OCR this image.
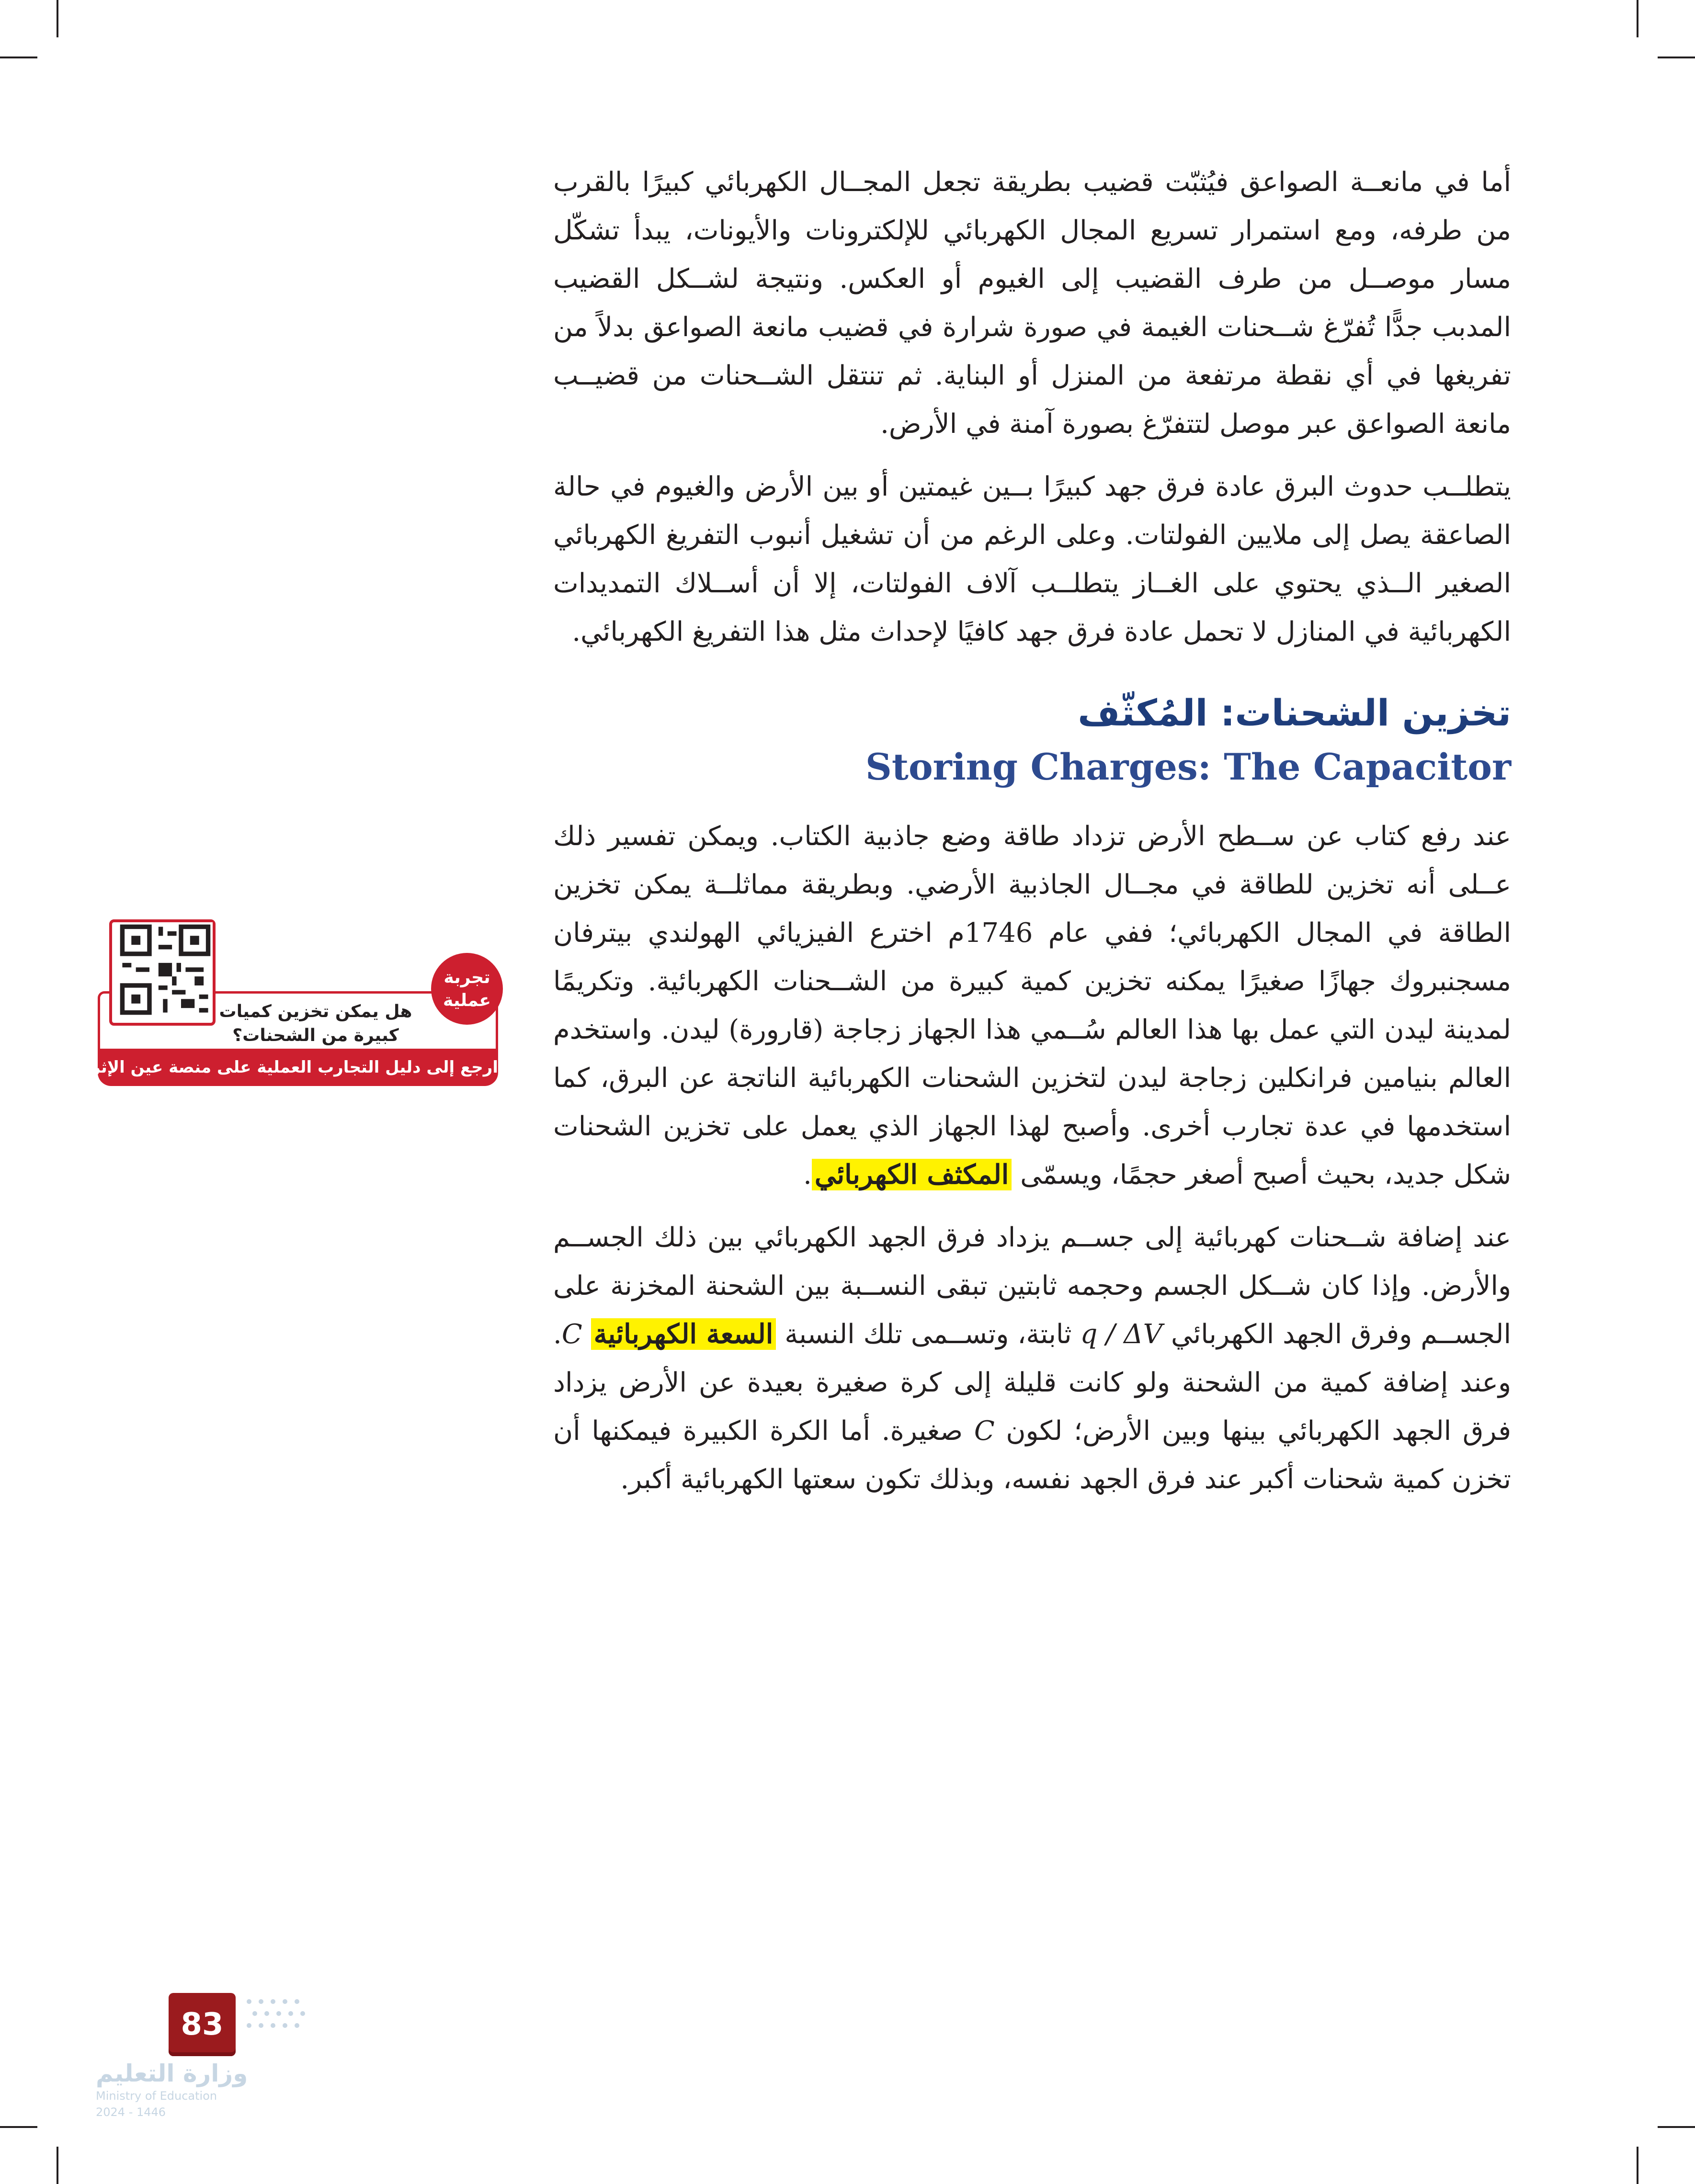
أما في مانعــة الصواعق فيُثبّت قضيب بطريقة تجعل المجــال الكهربائي كبيرًا بالقرب من طرفه، ومع استمرار تسريع المجال الكهربائي للإلكترونات والأيونات، يبدأ تشكّل مسار موصــل من طرف القضيب إلى الغيوم أو العكس. ونتيجة لشــكل القضيب المدبب جدًّا تُفرّغ شــحنات الغيمة في صورة شرارة في قضيب مانعة الصواعق بدلاً من تفريغها في أي نقطة مرتفعة من المنزل أو البناية. ثم تنتقل الشــحنات من قضيــب مانعة الصواعق عبر موصل لتتفرّغ بصورة آمنة في الأرض.

يتطلــب حدوث البرق عادة فرق جهد كبيرًا بــين غيمتين أو بين الأرض والغيوم في حالة الصاعقة يصل إلى ملايين الفولتات. وعلى الرغم من أن تشغيل أنبوب التفريغ الكهربائي الصغير الــذي يحتوي على الغــاز يتطلــب آلاف الفولتات، إلا أن أســلاك التمديدات الكهربائية في المنازل لا تحمل عادة فرق جهد كافيًا لإحداث مثل هذا التفريغ الكهربائي.

تخزين الشحنات: المُكثّف
Storing Charges: The Capacitor

عند رفع كتاب عن ســطح الأرض تزداد طاقة وضع جاذبية الكتاب. ويمكن تفسير ذلك عــلى أنه تخزين للطاقة في مجــال الجاذبية الأرضي. وبطريقة مماثلــة يمكن تخزين الطاقة في المجال الكهربائي؛ ففي عام 1746م اخترع الفيزيائي الهولندي بيترفان مسجنبروك جهازًا صغيرًا يمكنه تخزين كمية كبيرة من الشــحنات الكهربائية. وتكريمًا لمدينة ليدن التي عمل بها هذا العالم سُــمي هذا الجهاز زجاجة (قارورة) ليدن. واستخدم العالم بنيامين فرانكلين زجاجة ليدن لتخزين الشحنات الكهربائية الناتجة عن البرق، كما استخدمها في عدة تجارب أخرى. وأصبح لهذا الجهاز الذي يعمل على تخزين الشحنات شكل جديد، بحيث أصبح أصغر حجمًا، ويسمّى المكثف الكهربائي.

عند إضافة شــحنات كهربائية إلى جســم يزداد فرق الجهد الكهربائي بين ذلك الجســم والأرض. وإذا كان شــكل الجسم وحجمه ثابتين تبقى النســبة بين الشحنة المخزنة على الجســم وفرق الجهد الكهربائي q / ΔV ثابتة، وتســمى تلك النسبة السعة الكهربائية C. وعند إضافة كمية من الشحنة ولو كانت قليلة إلى كرة صغيرة بعيدة عن الأرض يزداد فرق الجهد الكهربائي بينها وبين الأرض؛ لكون C صغيرة. أما الكرة الكبيرة فيمكنها أن تخزن كمية شحنات أكبر عند فرق الجهد نفسه، وبذلك تكون سعتها الكهربائية أكبر.

تجربة عملية
هل يمكن تخزين كميات كبيرة من الشحنات؟
ارجع إلى دليل التجارب العملية على منصة عين الإثرائية
وزارة التعليم
Ministry of Education
2024 - 1446
83
